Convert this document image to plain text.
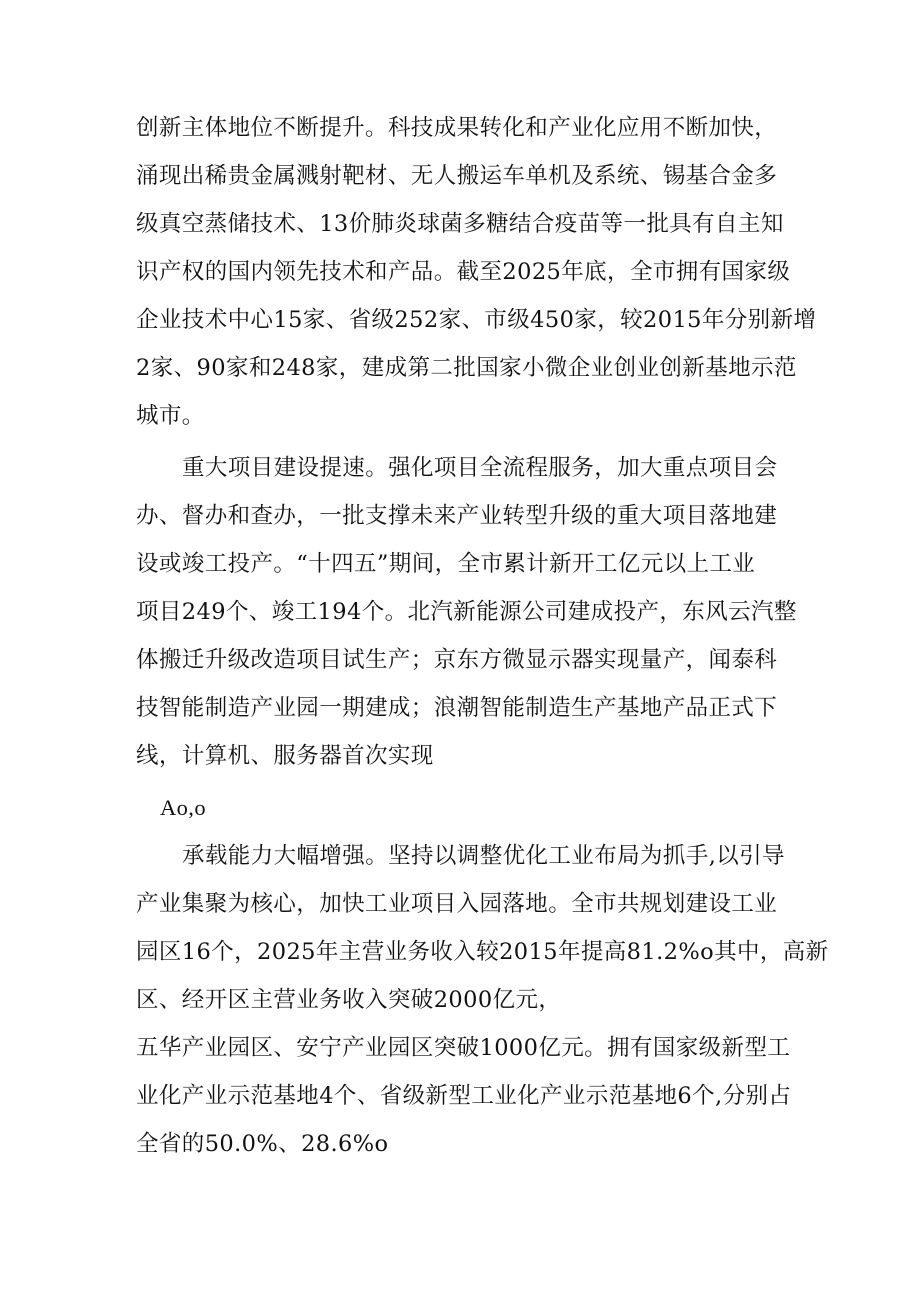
创新主体地位不断提升。科技成果转化和产业化应用不断加快，
涌现出稀贵金属溅射靶材、无人搬运车单机及系统、锡基合金多
级真空蒸储技术、13价肺炎球菌多糖结合疫苗等一批具有自主知
识产权的国内领先技术和产品。截至2025年底，全市拥有国家级
企业技术中心15家、省级252家、市级450家，较2015年分别新增
2家、90家和248家，建成第二批国家小微企业创业创新基地示范
城市。
重大项目建设提速。强化项目全流程服务，加大重点项目会
办、督办和查办，一批支撑未来产业转型升级的重大项目落地建
设或竣工投产。“十四五”期间，全市累计新开工亿元以上工业
项目249个、竣工194个。北汽新能源公司建成投产，东风云汽整
体搬迁升级改造项目试生产；京东方微显示器实现量产，闻泰科
技智能制造产业园一期建成；浪潮智能制造生产基地产品正式下
线，计算机、服务器首次实现
Ao,o
承载能力大幅增强。坚持以调整优化工业布局为抓手,以引导
产业集聚为核心，加快工业项目入园落地。全市共规划建设工业
园区16个，2025年主营业务收入较2015年提高81.2%o其中，高新
区、经开区主营业务收入突破2000亿元，
五华产业园区、安宁产业园区突破1000亿元。拥有国家级新型工
业化产业示范基地4个、省级新型工业化产业示范基地6个,分别占
全省的50.0%、28.6%o
